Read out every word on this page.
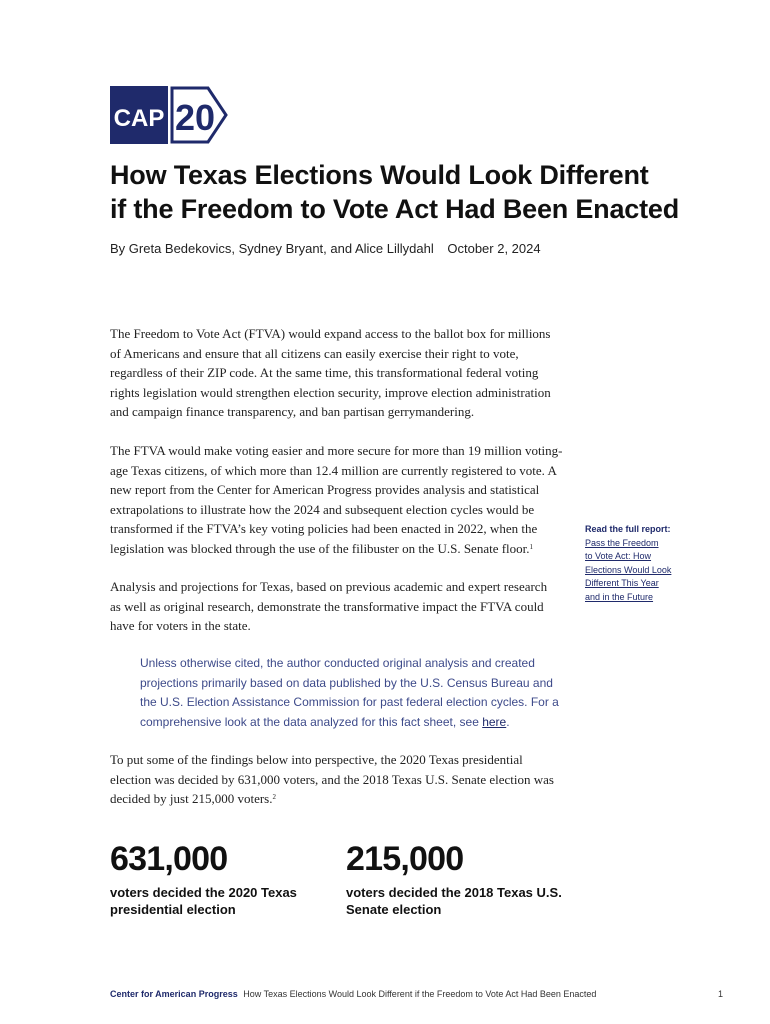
CAP 20
How Texas Elections Would Look Different
if the Freedom to Vote Act Had Been Enacted
By Greta Bedekovics, Sydney Bryant, and Alice Lillydahl October 2, 2024

The Freedom to Vote Act (FTVA) would expand access to the ballot box for millions
of Americans and ensure that all citizens can easily exercise their right to vote,
regardless of their ZIP code. At the same time, this transformational federal voting
rights legislation would strengthen election security, improve election administration
and campaign finance transparency, and ban partisan gerrymandering.

The FTVA would make voting easier and more secure for more than 19 million voting-
age Texas citizens, of which more than 12.4 million are currently registered to vote. A
new report from the Center for American Progress provides analysis and statistical
extrapolations to illustrate how the 2024 and subsequent election cycles would be
transformed if the FTVA’s key voting policies had been enacted in 2022, when the
legislation was blocked through the use of the filibuster on the U.S. Senate floor.$^1$

Read the full report:
Pass the Freedom
to Vote Act: How
Elections Would Look
Different This Year
and in the Future

Analysis and projections for Texas, based on previous academic and expert research
as well as original research, demonstrate the transformative impact the FTVA could
have for voters in the state.

Unless otherwise cited, the author conducted original analysis and created
projections primarily based on data published by the U.S. Census Bureau and
the U.S. Election Assistance Commission for past federal election cycles. For a
comprehensive look at the data analyzed for this fact sheet, see here.

To put some of the findings below into perspective, the 2020 Texas presidential
election was decided by 631,000 voters, and the 2018 Texas U.S. Senate election was
decided by just 215,000 voters.$^2$

631,000
voters decided the 2020 Texas presidential election
215,000
voters decided the 2018 Texas U.S. Senate election
Center for American Progress How Texas Elections Would Look Different if the Freedom to Vote Act Had Been Enacted	1
